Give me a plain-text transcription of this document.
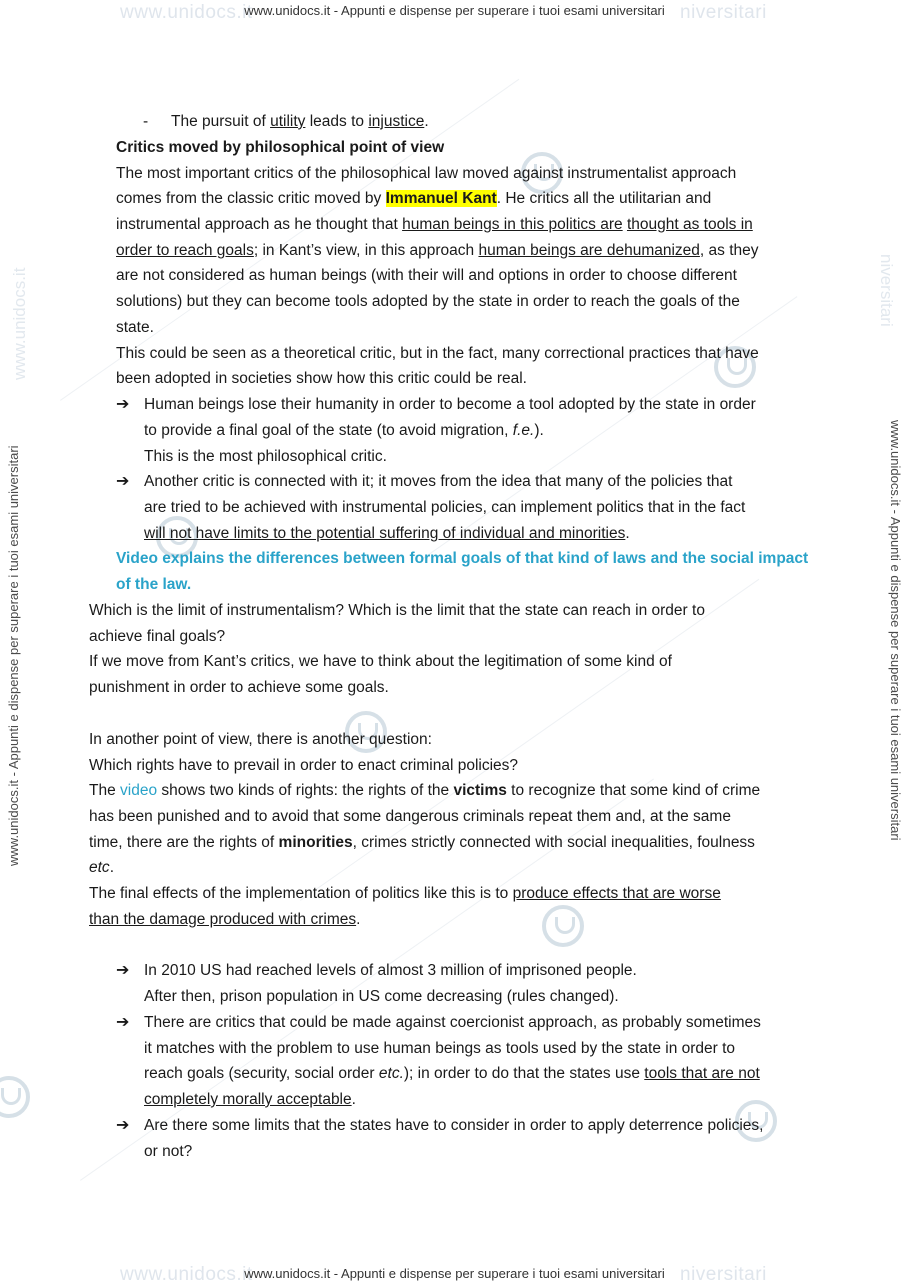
www.unidocs.it	niversitari
www.unidocs.it - Appunti e dispense per superare i tuoi esami universitari
www.unidocs.it	niversitari
www.unidocs.it - Appunti e dispense per superare i tuoi esami universitari
www.unidocs.it	niversitari
www.unidocs.it - Appunti e dispense per superare i tuoi esami universitari	www.unidocs.it - Appunti e dispense per superare i tuoi esami universitari
- The pursuit of utility leads to injustice.
Critics moved by philosophical point of view
The most important critics of the philosophical law moved against instrumentalist approach
comes from the classic critic moved by Immanuel Kant. He critics all the utilitarian and
instrumental approach as he thought that human beings in this politics are thought as tools in
order to reach goals; in Kant’s view, in this approach human beings are dehumanized, as they
are not considered as human beings (with their will and options in order to choose different
solutions) but they can become tools adopted by the state in order to reach the goals of the
state.
This could be seen as a theoretical critic, but in the fact, many correctional practices that have
been adopted in societies show how this critic could be real.
➔ Human beings lose their humanity in order to become a tool adopted by the state in order
to provide a final goal of the state (to avoid migration, f.e.).
This is the most philosophical critic.
➔ Another critic is connected with it; it moves from the idea that many of the policies that
are tried to be achieved with instrumental policies, can implement politics that in the fact
will not have limits to the potential suffering of individual and minorities.
Video explains the differences between formal goals of that kind of laws and the social impact
of the law.
Which is the limit of instrumentalism? Which is the limit that the state can reach in order to
achieve final goals?
If we move from Kant’s critics, we have to think about the legitimation of some kind of
punishment in order to achieve some goals.
In another point of view, there is another question:
Which rights have to prevail in order to enact criminal policies?
The video shows two kinds of rights: the rights of the victims to recognize that some kind of crime
has been punished and to avoid that some dangerous criminals repeat them and, at the same
time, there are the rights of minorities, crimes strictly connected with social inequalities, foulness
etc.
The final effects of the implementation of politics like this is to produce effects that are worse
than the damage produced with crimes.
➔ In 2010 US had reached levels of almost 3 million of imprisoned people.
After then, prison population in US come decreasing (rules changed).
➔ There are critics that could be made against coercionist approach, as probably sometimes
it matches with the problem to use human beings as tools used by the state in order to
reach goals (security, social order etc.); in order to do that the states use tools that are not
completely morally acceptable.
➔ Are there some limits that the states have to consider in order to apply deterrence policies,
or not?
